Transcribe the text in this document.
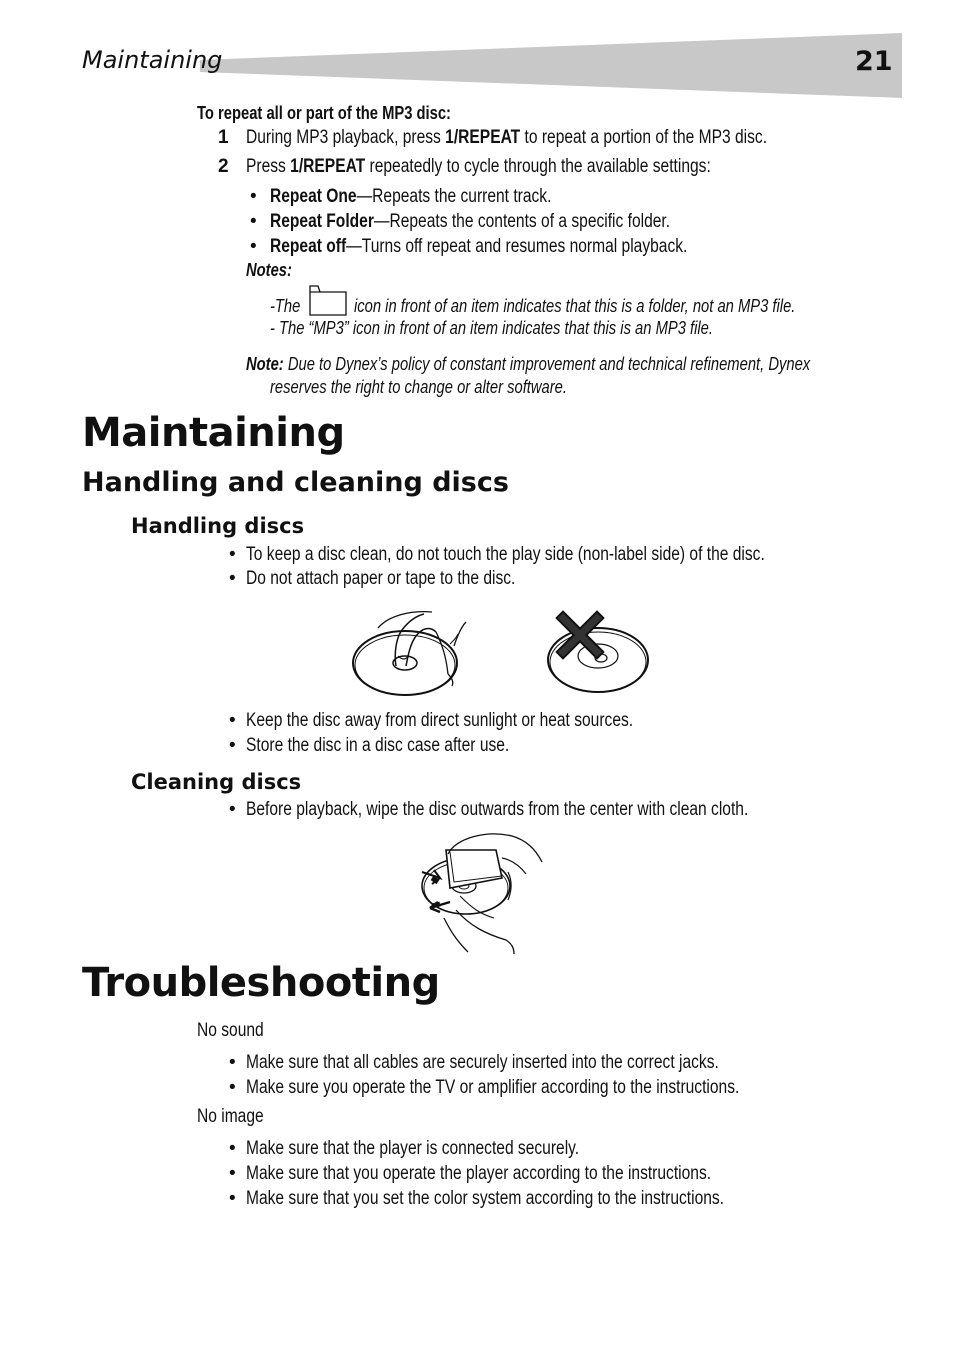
Maintaining	21
To repeat all or part of the MP3 disc:
1 During MP3 playback, press 1/REPEAT to repeat a portion of the MP3 disc.
2 Press 1/REPEAT repeatedly to cycle through the available settings:
• Repeat One—Repeats the current track.
• Repeat Folder—Repeats the contents of a specific folder.
• Repeat off—Turns off repeat and resumes normal playback.
Notes:
-The	icon in front of an item indicates that this is a folder, not an MP3 file.
- The “MP3” icon in front of an item indicates that this is an MP3 file.
Note: Due to Dynex’s policy of constant improvement and technical refinement, Dynex
reserves the right to change or alter software.
Maintaining
Handling and cleaning discs
Handling discs
• To keep a disc clean, do not touch the play side (non-label side) of the disc.
• Do not attach paper or tape to the disc.
• Keep the disc away from direct sunlight or heat sources.
• Store the disc in a disc case after use.
Cleaning discs
• Before playback, wipe the disc outwards from the center with clean cloth.
Troubleshooting
No sound
• Make sure that all cables are securely inserted into the correct jacks.
• Make sure you operate the TV or amplifier according to the instructions.
No image
• Make sure that the player is connected securely.
• Make sure that you operate the player according to the instructions.
• Make sure that you set the color system according to the instructions.
